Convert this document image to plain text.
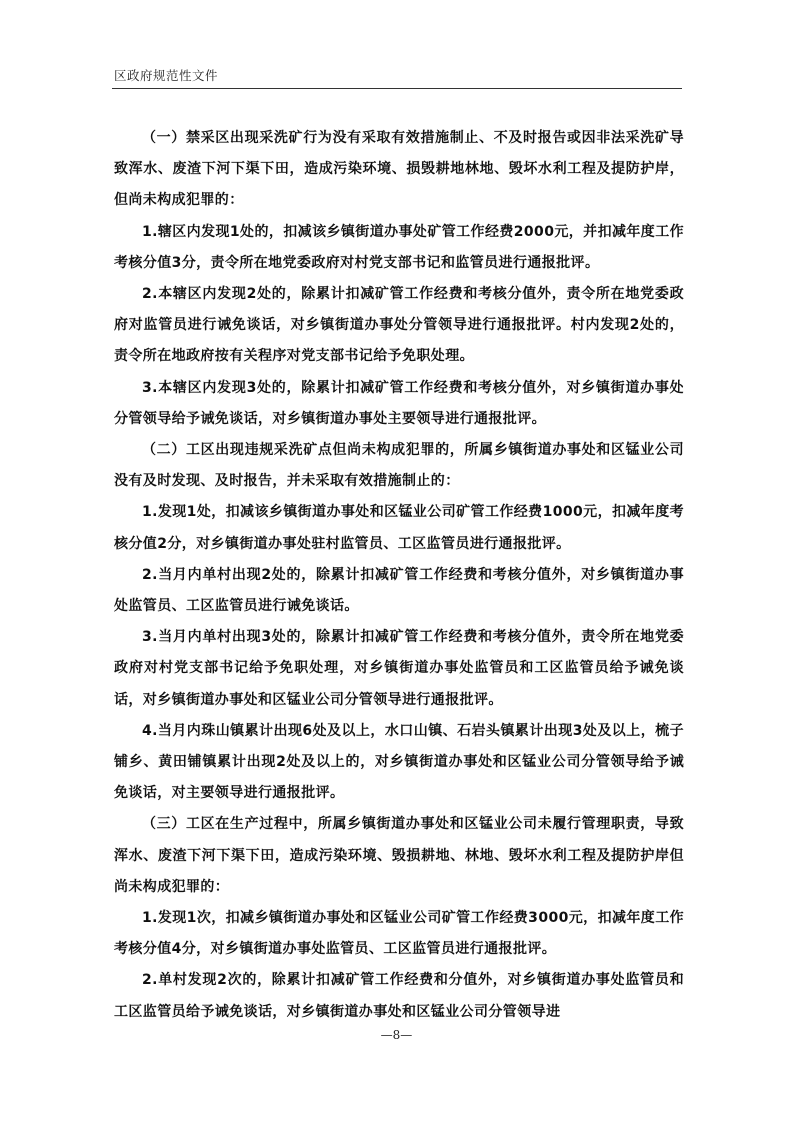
区政府规范性文件

（一）禁采区出现采洗矿行为没有采取有效措施制止、不及时报告或因非法采洗矿导致浑水、废渣下河下渠下田，造成污染环境、损毁耕地林地、毁坏水利工程及提防护岸，但尚未构成犯罪的：

1.辖区内发现1处的，扣减该乡镇街道办事处矿管工作经费2000元，并扣减年度工作考核分值3分，责令所在地党委政府对村党支部书记和监管员进行通报批评。

2.本辖区内发现2处的，除累计扣减矿管工作经费和考核分值外，责令所在地党委政府对监管员进行诫免谈话，对乡镇街道办事处分管领导进行通报批评。村内发现2处的，责令所在地政府按有关程序对党支部书记给予免职处理。

3.本辖区内发现3处的，除累计扣减矿管工作经费和考核分值外，对乡镇街道办事处分管领导给予诫免谈话，对乡镇街道办事处主要领导进行通报批评。

（二）工区出现违规采洗矿点但尚未构成犯罪的，所属乡镇街道办事处和区锰业公司没有及时发现、及时报告，并未采取有效措施制止的：

1.发现1处，扣减该乡镇街道办事处和区锰业公司矿管工作经费1000元，扣减年度考核分值2分，对乡镇街道办事处驻村监管员、工区监管员进行通报批评。

2.当月内单村出现2处的，除累计扣减矿管工作经费和考核分值外，对乡镇街道办事处监管员、工区监管员进行诫免谈话。

3.当月内单村出现3处的，除累计扣减矿管工作经费和考核分值外，责令所在地党委政府对村党支部书记给予免职处理，对乡镇街道办事处监管员和工区监管员给予诫免谈话，对乡镇街道办事处和区锰业公司分管领导进行通报批评。

4.当月内珠山镇累计出现6处及以上，水口山镇、石岩头镇累计出现3处及以上，梳子铺乡、黄田铺镇累计出现2处及以上的，对乡镇街道办事处和区锰业公司分管领导给予诫免谈话，对主要领导进行通报批评。

（三）工区在生产过程中，所属乡镇街道办事处和区锰业公司未履行管理职责，导致浑水、废渣下河下渠下田，造成污染环境、毁损耕地、林地、毁坏水利工程及提防护岸但尚未构成犯罪的：

1.发现1次，扣减乡镇街道办事处和区锰业公司矿管工作经费3000元，扣减年度工作考核分值4分，对乡镇街道办事处监管员、工区监管员进行通报批评。

2.单村发现2次的，除累计扣减矿管工作经费和分值外，对乡镇街道办事处监管员和工区监管员给予诫免谈话，对乡镇街道办事处和区锰业公司分管领导进

—8—
